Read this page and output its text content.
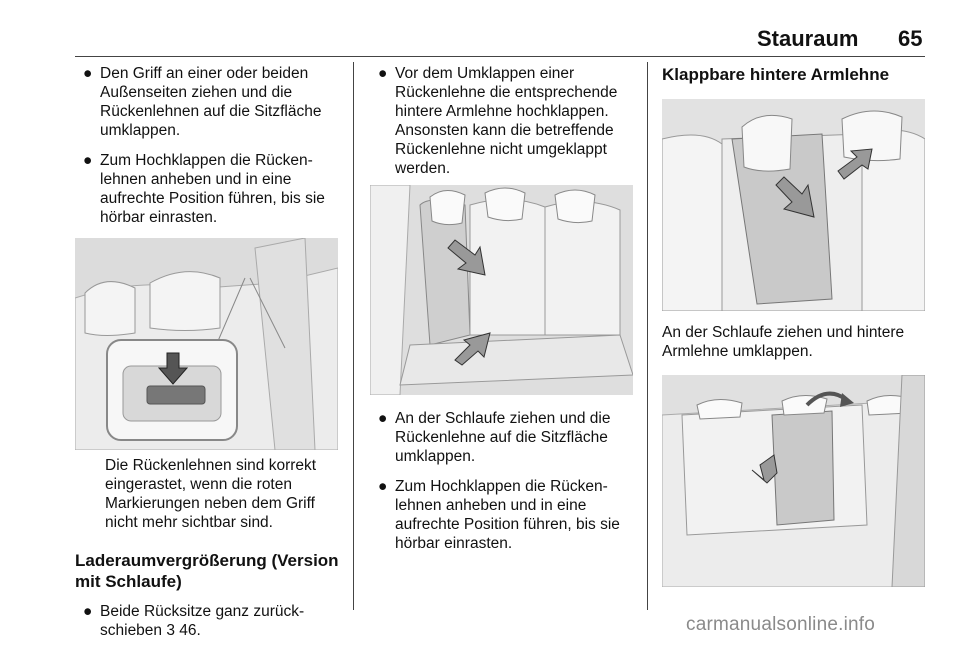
Stauraum 65

● Den Griff an einer oder beiden Außenseiten ziehen und die Rückenlehnen auf die Sitzfläche umklappen.

● Zum Hochklappen die Rücken-lehnen anheben und in eine aufrechte Position führen, bis sie hörbar einrasten.

Die Rückenlehnen sind korrekt eingerastet, wenn die roten Markierungen neben dem Griff nicht mehr sichtbar sind.

Laderaumvergrößerung (Version mit Schlaufe)

● Beide Rücksitze ganz zurück-schieben 3 46.

● Vor dem Umklappen einer Rückenlehne die entsprechende hintere Armlehne hochklappen. Ansonsten kann die betreffende Rückenlehne nicht umgeklappt werden.

● An der Schlaufe ziehen und die Rückenlehne auf die Sitzfläche umklappen.

● Zum Hochklappen die Rücken-lehnen anheben und in eine aufrechte Position führen, bis sie hörbar einrasten.

Klappbare hintere Armlehne

An der Schlaufe ziehen und hintere Armlehne umklappen.

carmanualsonline.info
